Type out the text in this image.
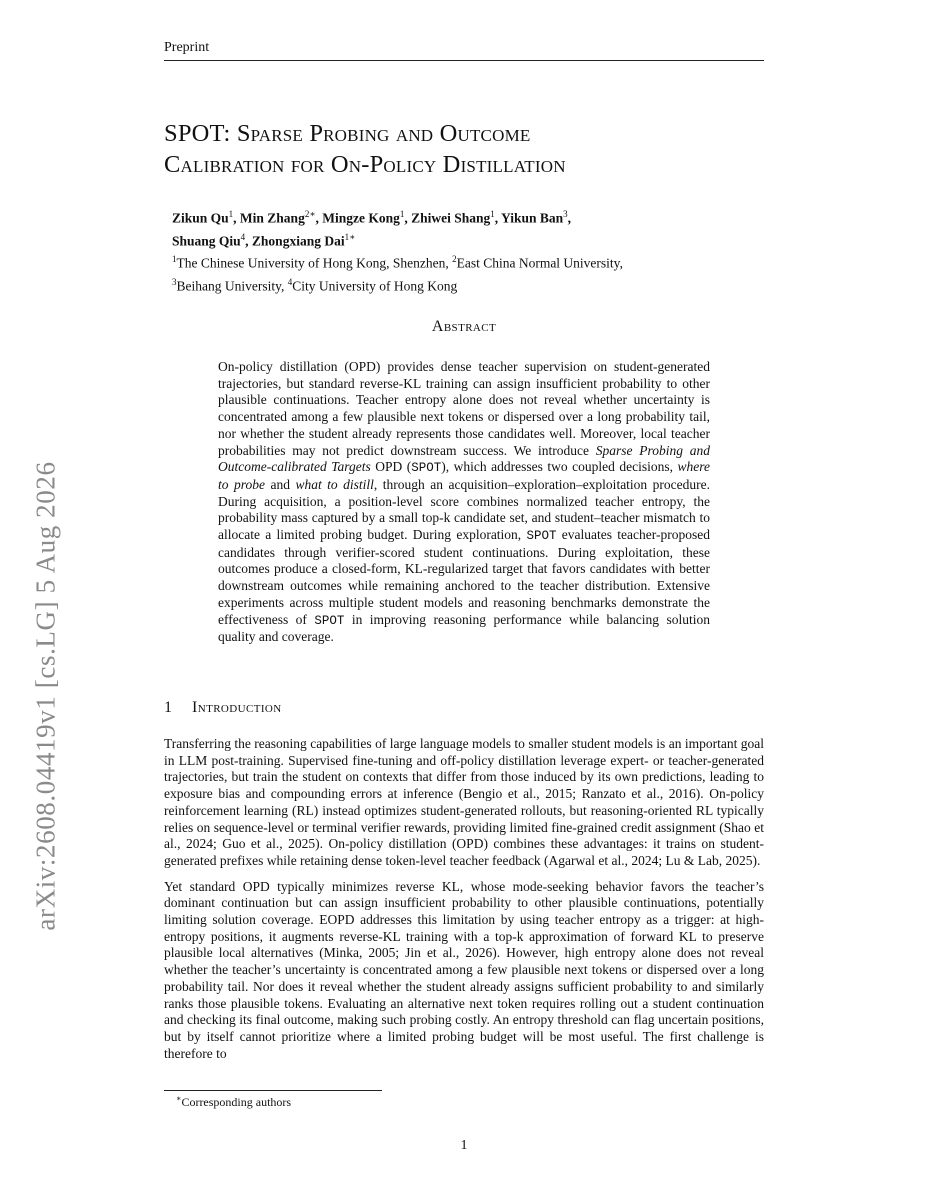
arXiv:2608.04419v1 [cs.LG] 5 Aug 2026
Preprint
SPOT: Sparse Probing and Outcome
Calibration for On-Policy Distillation
Zikun Qu$^1$, Min Zhang$^{2∗}$, Mingze Kong$^1$, Zhiwei Shang$^1$, Yikun Ban$^3$,
Shuang Qiu$^4$, Zhongxiang Dai$^{1∗}$
$^1$The Chinese University of Hong Kong, Shenzhen, $^2$East China Normal University,
$^3$Beihang University, $^4$City University of Hong Kong
Abstract
On-policy distillation (OPD) provides dense teacher supervision on student-generated trajectories, but standard reverse-KL training can assign insufficient probability to other plausible continuations. Teacher entropy alone does not reveal whether uncertainty is concentrated among a few plausible next tokens or dispersed over a long probability tail, nor whether the student already represents those candidates well. Moreover, local teacher probabilities may not predict downstream success. We introduce Sparse Probing and Outcome-calibrated Targets OPD (SPOT), which addresses two coupled decisions, where to probe and what to distill, through an acquisition–exploration–exploitation procedure. During acquisition, a position-level score combines normalized teacher entropy, the probability mass captured by a small top-k candidate set, and student–teacher mismatch to allocate a limited probing budget. During exploration, SPOT evaluates teacher-proposed candidates through verifier-scored student continuations. During exploitation, these outcomes produce a closed-form, KL-regularized target that favors candidates with better downstream outcomes while remaining anchored to the teacher distribution. Extensive experiments across multiple student models and reasoning benchmarks demonstrate the effectiveness of SPOT in improving reasoning performance while balancing solution quality and coverage.
1 Introduction

Transferring the reasoning capabilities of large language models to smaller student models is an important goal in LLM post-training. Supervised fine-tuning and off-policy distillation leverage expert- or teacher-generated trajectories, but train the student on contexts that differ from those induced by its own predictions, leading to exposure bias and compounding errors at inference (Bengio et al., 2015; Ranzato et al., 2016). On-policy reinforcement learning (RL) instead optimizes student-generated rollouts, but reasoning-oriented RL typically relies on sequence-level or terminal verifier rewards, providing limited fine-grained credit assignment (Shao et al., 2024; Guo et al., 2025). On-policy distillation (OPD) combines these advantages: it trains on student-generated prefixes while retaining dense token-level teacher feedback (Agarwal et al., 2024; Lu & Lab, 2025).

Yet standard OPD typically minimizes reverse KL, whose mode-seeking behavior favors the teacher’s dominant continuation but can assign insufficient probability to other plausible continuations, potentially limiting solution coverage. EOPD addresses this limitation by using teacher entropy as a trigger: at high-entropy positions, it augments reverse-KL training with a top-k approximation of forward KL to preserve plausible local alternatives (Minka, 2005; Jin et al., 2026). However, high entropy alone does not reveal whether the teacher’s uncertainty is concentrated among a few plausible next tokens or dispersed over a long probability tail. Nor does it reveal whether the student already assigns sufficient probability to and similarly ranks those plausible tokens. Evaluating an alternative next token requires rolling out a student continuation and checking its final outcome, making such probing costly. An entropy threshold can flag uncertain positions, but by itself cannot prioritize where a limited probing budget will be most useful. The first challenge is therefore to

∗Corresponding authors
1
